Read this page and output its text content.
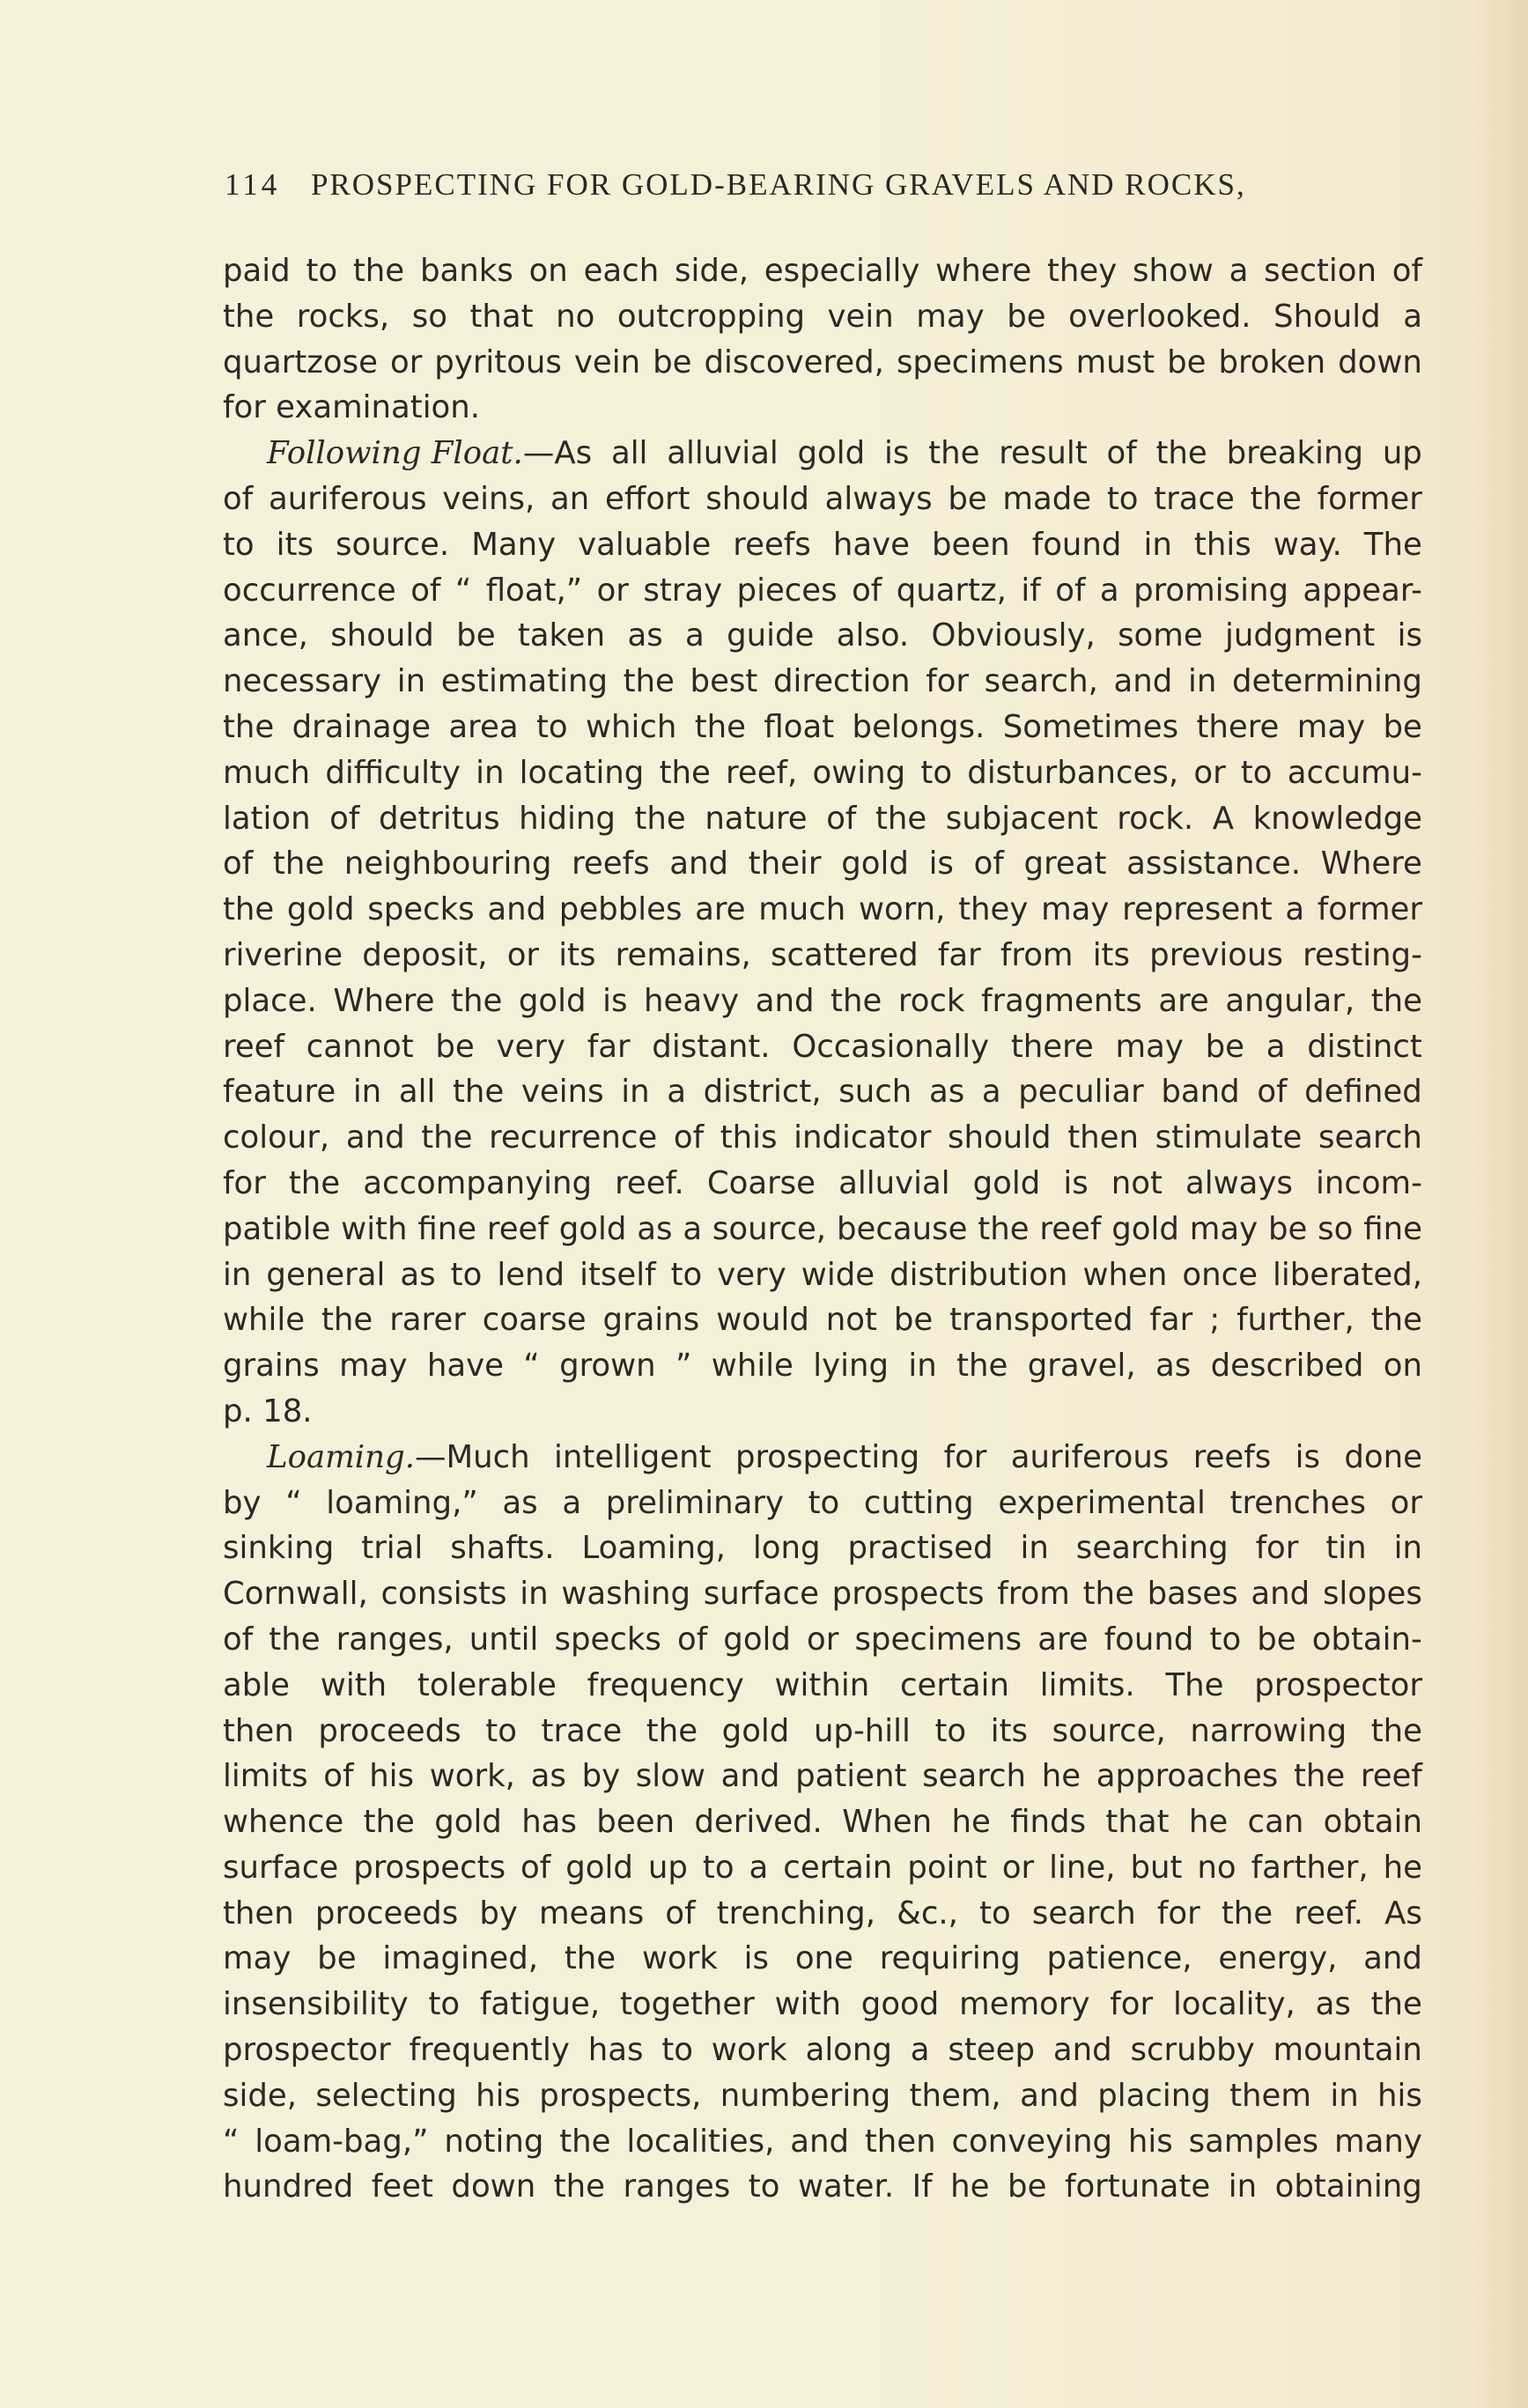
114 PROSPECTING FOR GOLD-BEARING GRAVELS AND ROCKS,
paid to the banks on each side, especially where they show a section of
the rocks, so that no outcropping vein may be overlooked. Should a
quartzose or pyritous vein be discovered, specimens must be broken down
for examination.
Following Float.—As all alluvial gold is the result of the breaking up
of auriferous veins, an effort should always be made to trace the former
to its source. Many valuable reefs have been found in this way. The
occurrence of “ float,” or stray pieces of quartz, if of a promising appear-
ance, should be taken as a guide also. Obviously, some judgment is
necessary in estimating the best direction for search, and in determining
the drainage area to which the float belongs. Sometimes there may be
much difficulty in locating the reef, owing to disturbances, or to accumu-
lation of detritus hiding the nature of the subjacent rock. A knowledge
of the neighbouring reefs and their gold is of great assistance. Where
the gold specks and pebbles are much worn, they may represent a former
riverine deposit, or its remains, scattered far from its previous resting-
place. Where the gold is heavy and the rock fragments are angular, the
reef cannot be very far distant. Occasionally there may be a distinct
feature in all the veins in a district, such as a peculiar band of defined
colour, and the recurrence of this indicator should then stimulate search
for the accompanying reef. Coarse alluvial gold is not always incom-
patible with fine reef gold as a source, because the reef gold may be so fine
in general as to lend itself to very wide distribution when once liberated,
while the rarer coarse grains would not be transported far ; further, the
grains may have “ grown ” while lying in the gravel, as described on
p. 18.
Loaming.—Much intelligent prospecting for auriferous reefs is done
by “ loaming,” as a preliminary to cutting experimental trenches or
sinking trial shafts. Loaming, long practised in searching for tin in
Cornwall, consists in washing surface prospects from the bases and slopes
of the ranges, until specks of gold or specimens are found to be obtain-
able with tolerable frequency within certain limits. The prospector
then proceeds to trace the gold up-hill to its source, narrowing the
limits of his work, as by slow and patient search he approaches the reef
whence the gold has been derived. When he finds that he can obtain
surface prospects of gold up to a certain point or line, but no farther, he
then proceeds by means of trenching, &c., to search for the reef. As
may be imagined, the work is one requiring patience, energy, and
insensibility to fatigue, together with good memory for locality, as the
prospector frequently has to work along a steep and scrubby mountain
side, selecting his prospects, numbering them, and placing them in his
“ loam-bag,” noting the localities, and then conveying his samples many
hundred feet down the ranges to water. If he be fortunate in obtaining
